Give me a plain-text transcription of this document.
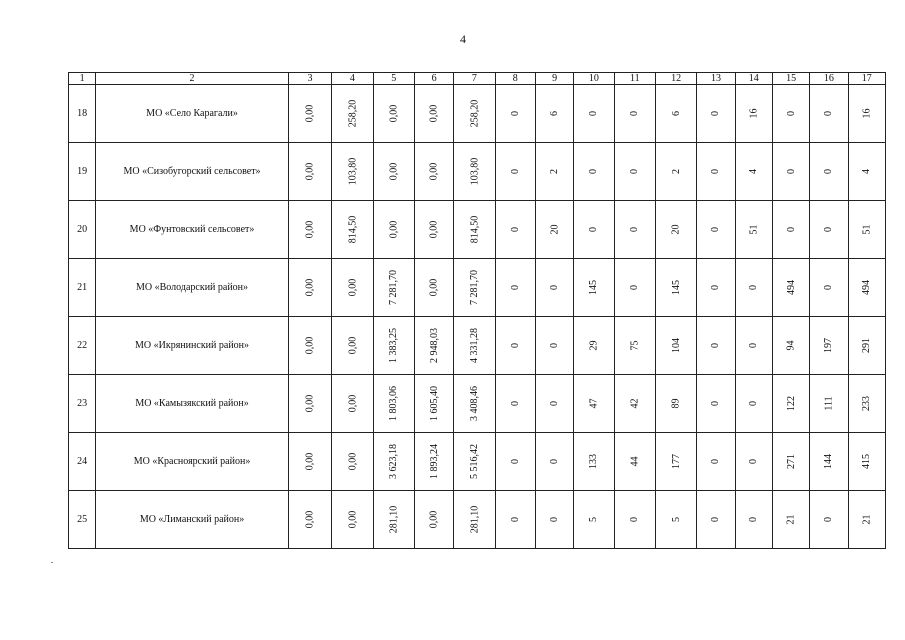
4
1	2	3	4	5	6	7	8	9	10	11	12	13	14	15	16	17
18	МО «Село Карагали»	0,00	258,20	0,00	0,00	258,20	0	6	0	0	6	0	16	0	0	16
19	МО «Сизобугорский сельсовет»	0,00	103,80	0,00	0,00	103,80	0	2	0	0	2	0	4	0	0	4
20	МО «Фунтовский сельсовет»	0,00	814,50	0,00	0,00	814,50	0	20	0	0	20	0	51	0	0	51
21	МО «Володарский район»	0,00	0,00	7 281,70	0,00	7 281,70	0	0	145	0	145	0	0	494	0	494
22	МО «Икрянинский район»	0,00	0,00	1 383,25	2 948,03	4 331,28	0	0	29	75	104	0	0	94	197	291
23	МО «Камызякский район»	0,00	0,00	1 803,06	1 605,40	3 408,46	0	0	47	42	89	0	0	122	111	233
24	МО «Красноярский район»	0,00	0,00	3 623,18	1 893,24	5 516,42	0	0	133	44	177	0	0	271	144	415
25	МО «Лиманский район»	0,00	0,00	281,10	0,00	281,10	0	0	5	0	5	0	0	21	0	21
